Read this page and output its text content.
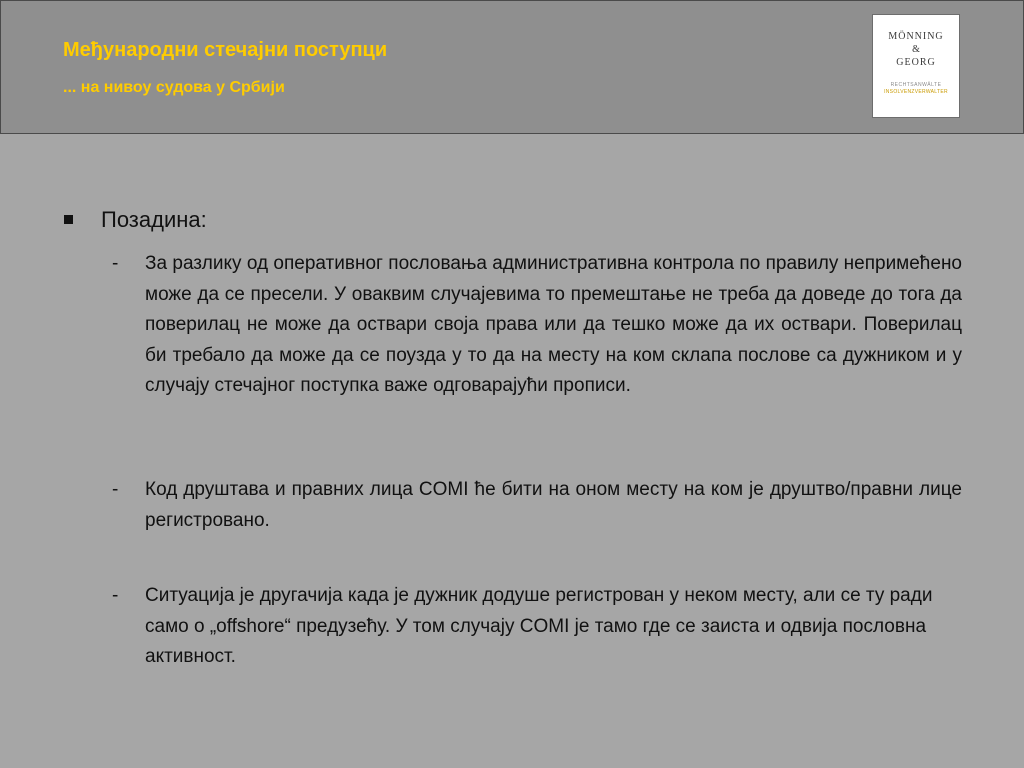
Међународни стечајни поступци
... на нивоу судова у Србији
MÖNNING
&
GEORG
RECHTSANWÄLTE
INSOLVENZVERWALTER
Позадина:
-	За разлику од оперативног пословања административна контрола по правилу непримећено може да се пресели. У оваквим случајевима то премештање не треба да доведе до тога да поверилац не може да оствари своја права или да тешко може да их оствари. Поверилац би требало да може да се поузда у то да на месту на ком склапа послове са дужником и у случају стечајног поступка важе одговарајући прописи.
-	Код друштава и правних лица COMI ће бити на оном месту на ком је друштво/правни лице регистровано.
-	Ситуација је другачија када је дужник додуше регистрован у неком месту, али се ту ради само о „offshore“ предузећу. У том случају COMI је тамо где се заиста и одвија пословна активност.
